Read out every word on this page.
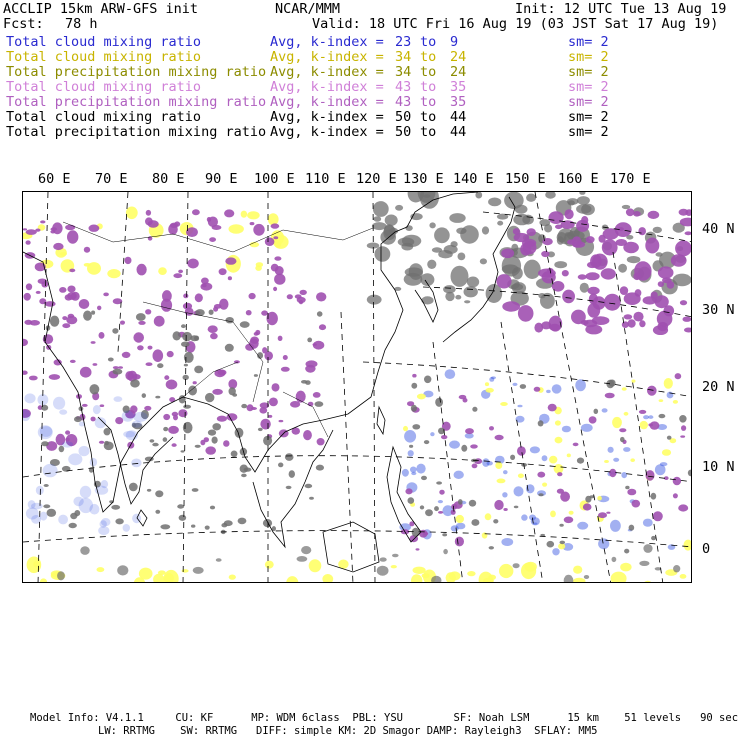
ACCLIP 15km ARW-GFS init	NCAR/MMM	Init: 12 UTC Tue 13 Aug 19
Fcst: 78 h	Valid: 18 UTC Fri 16 Aug 19 (03 JST Sat 17 Aug 19)
Total cloud mixing ratio	Avg, k-index = 23 to 9	sm= 2
Total cloud mixing ratio	Avg, k-index = 34 to 24	sm= 2
Total precipitation mixing ratio Avg, k-index = 34 to 24	sm= 2
Total cloud mixing ratio	Avg, k-index = 43 to 35	sm= 2
Total precipitation mixing ratio Avg, k-index = 43 to 35	sm= 2
Total cloud mixing ratio	Avg, k-index = 50 to 44	sm= 2
Total precipitation mixing ratio Avg, k-index = 50 to 44	sm= 2
60 E 70 E 80 E 90 E 100 E 110 E 120 E 130 E 140 E 150 E 160 E 170 E
40 N
30 N
20 N
10 N
0
Model Info: V4.1.1     CU: KF      MP: WDM 6class  PBL: YSU        SF: Noah LSM      15 km    51 levels   90 sec
LW: RRTMG    SW: RRTMG   DIFF: simple KM: 2D Smagor DAMP: Rayleigh3  SFLAY: MM5
